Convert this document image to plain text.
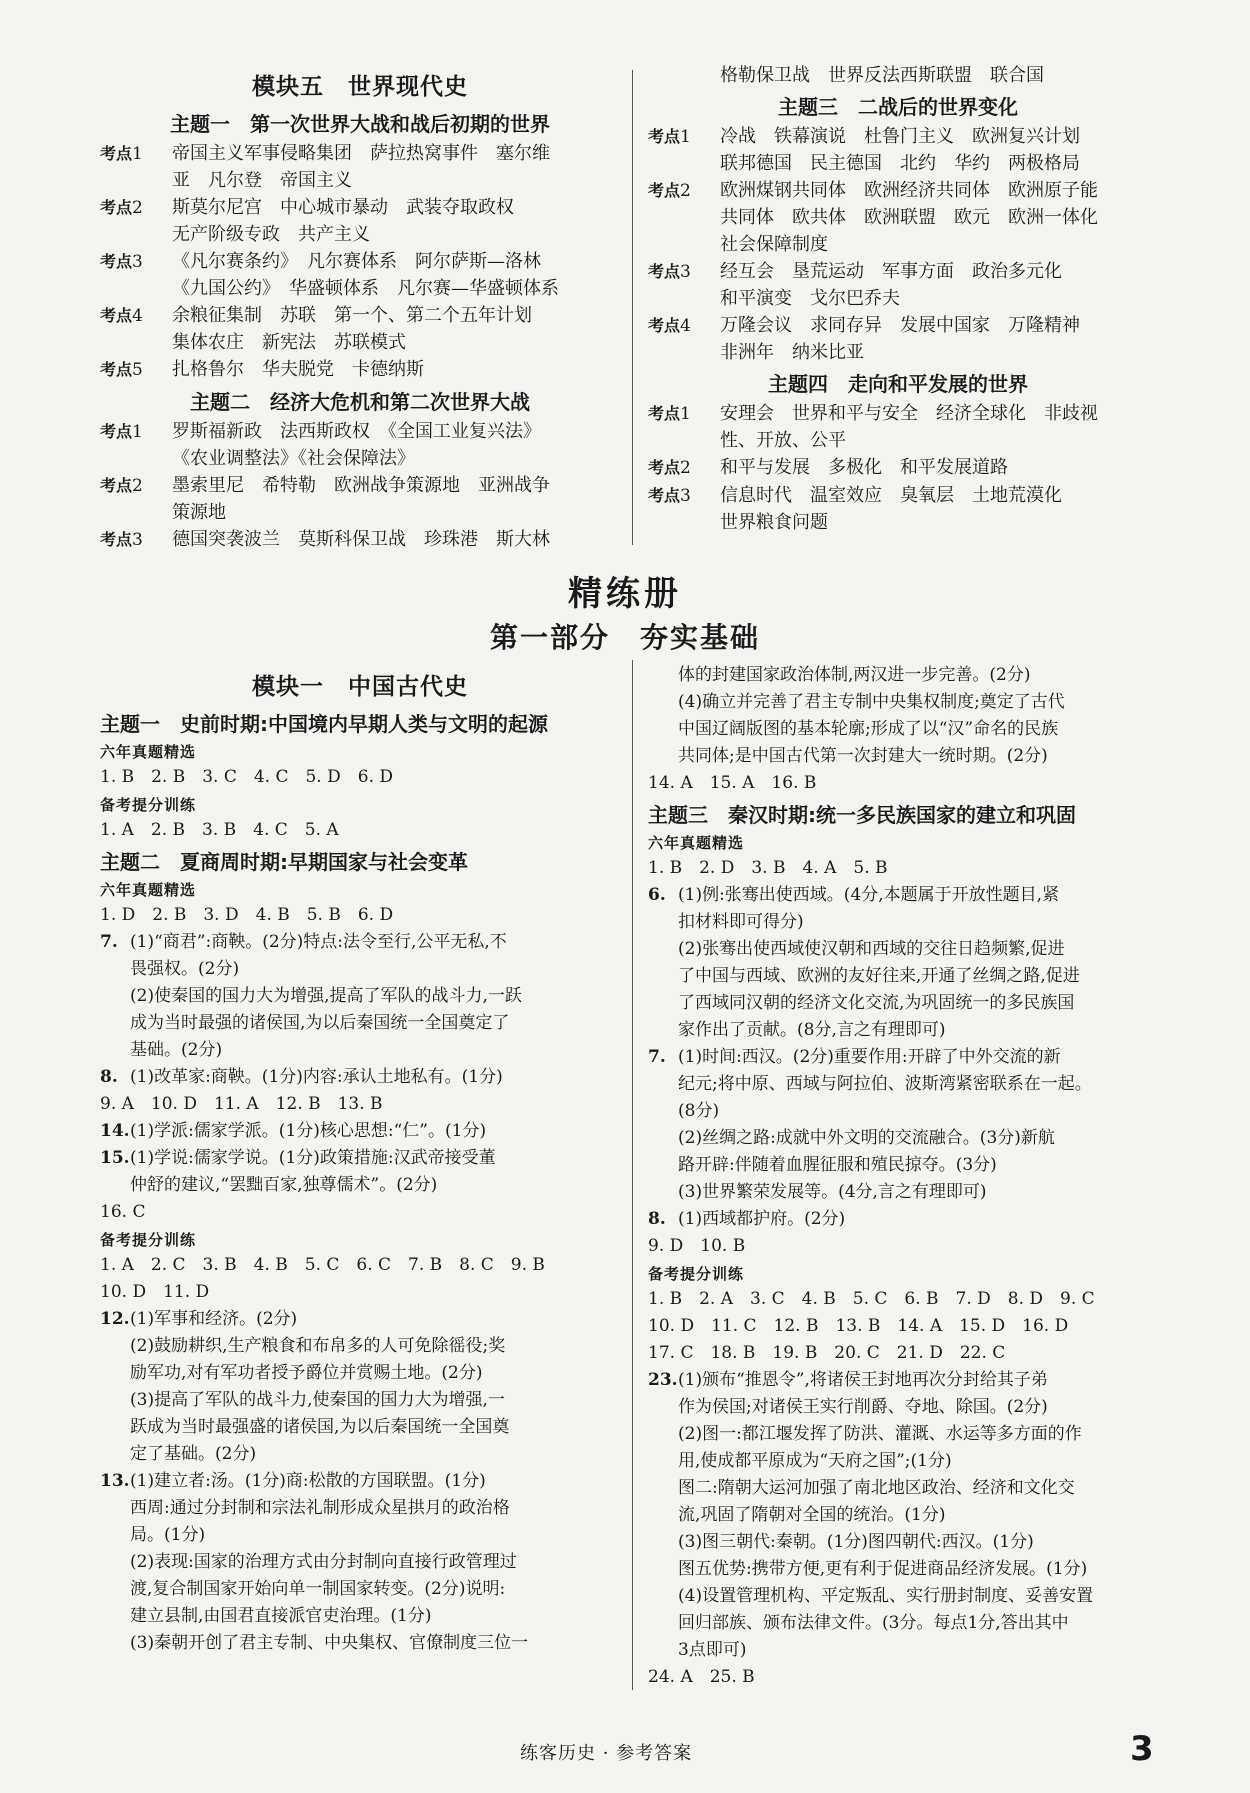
模块五　世界现代史
主题一　第一次世界大战和战后初期的世界
考点1	帝国主义军事侵略集团　萨拉热窝事件　塞尔维
亚　凡尔登　帝国主义
考点2	斯莫尔尼宫　中心城市暴动　武装夺取政权
无产阶级专政　共产主义
考点3	《凡尔赛条约》　凡尔赛体系　阿尔萨斯—洛林
《九国公约》　华盛顿体系　凡尔赛—华盛顿体系
考点4	余粮征集制　苏联　第一个、第二个五年计划
集体农庄　新宪法　苏联模式
考点5	扎格鲁尔　华夫脱党　卡德纳斯
主题二　经济大危机和第二次世界大战
考点1	罗斯福新政　法西斯政权　《全国工业复兴法》
《农业调整法》《社会保障法》
考点2	墨索里尼　希特勒　欧洲战争策源地　亚洲战争
策源地
考点3	德国突袭波兰　莫斯科保卫战　珍珠港　斯大林
格勒保卫战　世界反法西斯联盟　联合国
主题三　二战后的世界变化
考点1	冷战　铁幕演说　杜鲁门主义　欧洲复兴计划
联邦德国　民主德国　北约　华约　两极格局
考点2	欧洲煤钢共同体　欧洲经济共同体　欧洲原子能
共同体　欧共体　欧洲联盟　欧元　欧洲一体化
社会保障制度
考点3	经互会　垦荒运动　军事方面　政治多元化
和平演变　戈尔巴乔夫
考点4	万隆会议　求同存异　发展中国家　万隆精神
非洲年　纳米比亚
主题四　走向和平发展的世界
考点1	安理会　世界和平与安全　经济全球化　非歧视
性、开放、公平
考点2	和平与发展　多极化　和平发展道路
考点3	信息时代　温室效应　臭氧层　土地荒漠化
世界粮食问题
精练册
第一部分　夯实基础
模块一　中国古代史
主题一　史前时期:中国境内早期人类与文明的起源
六年真题精选
1. B　2. B　3. C　4. C　5. D　6. D
备考提分训练
1. A　2. B　3. B　4. C　5. A
主题二　夏商周时期:早期国家与社会变革
六年真题精选
1. D　2. B　3. D　4. B　5. B　6. D
7. (1)“商君”:商鞅。(2分)特点:法令至行,公平无私,不
畏强权。(2分)
(2)使秦国的国力大为增强,提高了军队的战斗力,一跃
成为当时最强的诸侯国,为以后秦国统一全国奠定了
基础。(2分)
8. (1)改革家:商鞅。(1分)内容:承认土地私有。(1分)
9. A　10. D　11. A　12. B　13. B
14. (1)学派:儒家学派。(1分)核心思想:“仁”。(1分)
15. (1)学说:儒家学说。(1分)政策措施:汉武帝接受董
仲舒的建议,“罢黜百家,独尊儒术”。(2分)
16. C
备考提分训练
1. A　2. C　3. B　4. B　5. C　6. C　7. B　8. C　9. B
10. D　11. D
12. (1)军事和经济。(2分)
(2)鼓励耕织,生产粮食和布帛多的人可免除徭役;奖
励军功,对有军功者授予爵位并赏赐土地。(2分)
(3)提高了军队的战斗力,使秦国的国力大为增强,一
跃成为当时最强盛的诸侯国,为以后秦国统一全国奠
定了基础。(2分)
13. (1)建立者:汤。(1分)商:松散的方国联盟。(1分)
西周:通过分封制和宗法礼制形成众星拱月的政治格
局。(1分)
(2)表现:国家的治理方式由分封制向直接行政管理过
渡,复合制国家开始向单一制国家转变。(2分)说明:
建立县制,由国君直接派官吏治理。(1分)
(3)秦朝开创了君主专制、中央集权、官僚制度三位一
体的封建国家政治体制,两汉进一步完善。(2分)
(4)确立并完善了君主专制中央集权制度;奠定了古代
中国辽阔版图的基本轮廓;形成了以“汉”命名的民族
共同体;是中国古代第一次封建大一统时期。(2分)
14. A　15. A　16. B
主题三　秦汉时期:统一多民族国家的建立和巩固
六年真题精选
1. B　2. D　3. B　4. A　5. B
6. (1)例:张骞出使西域。(4分,本题属于开放性题目,紧
扣材料即可得分)
(2)张骞出使西域使汉朝和西域的交往日趋频繁,促进
了中国与西域、欧洲的友好往来,开通了丝绸之路,促进
了西域同汉朝的经济文化交流,为巩固统一的多民族国
家作出了贡献。(8分,言之有理即可)
7. (1)时间:西汉。(2分)重要作用:开辟了中外交流的新
纪元;将中原、西域与阿拉伯、波斯湾紧密联系在一起。
(8分)
(2)丝绸之路:成就中外文明的交流融合。(3分)新航
路开辟:伴随着血腥征服和殖民掠夺。(3分)
(3)世界繁荣发展等。(4分,言之有理即可)
8. (1)西域都护府。(2分)
9. D　10. B
备考提分训练
1. B　2. A　3. C　4. B　5. C　6. B　7. D　8. D　9. C
10. D　11. C　12. B　13. B　14. A　15. D　16. D
17. C　18. B　19. B　20. C　21. D　22. C
23. (1)颁布“推恩令”,将诸侯王封地再次分封给其子弟
作为侯国;对诸侯王实行削爵、夺地、除国。(2分)
(2)图一:都江堰发挥了防洪、灌溉、水运等多方面的作
用,使成都平原成为“天府之国”;(1分)
图二:隋朝大运河加强了南北地区政治、经济和文化交
流,巩固了隋朝对全国的统治。(1分)
(3)图三朝代:秦朝。(1分)图四朝代:西汉。(1分)
图五优势:携带方便,更有利于促进商品经济发展。(1分)
(4)设置管理机构、平定叛乱、实行册封制度、妥善安置
回归部族、颁布法律文件。(3分。每点1分,答出其中
3点即可)
24. A　25. B
练客历史 · 参考答案	3
